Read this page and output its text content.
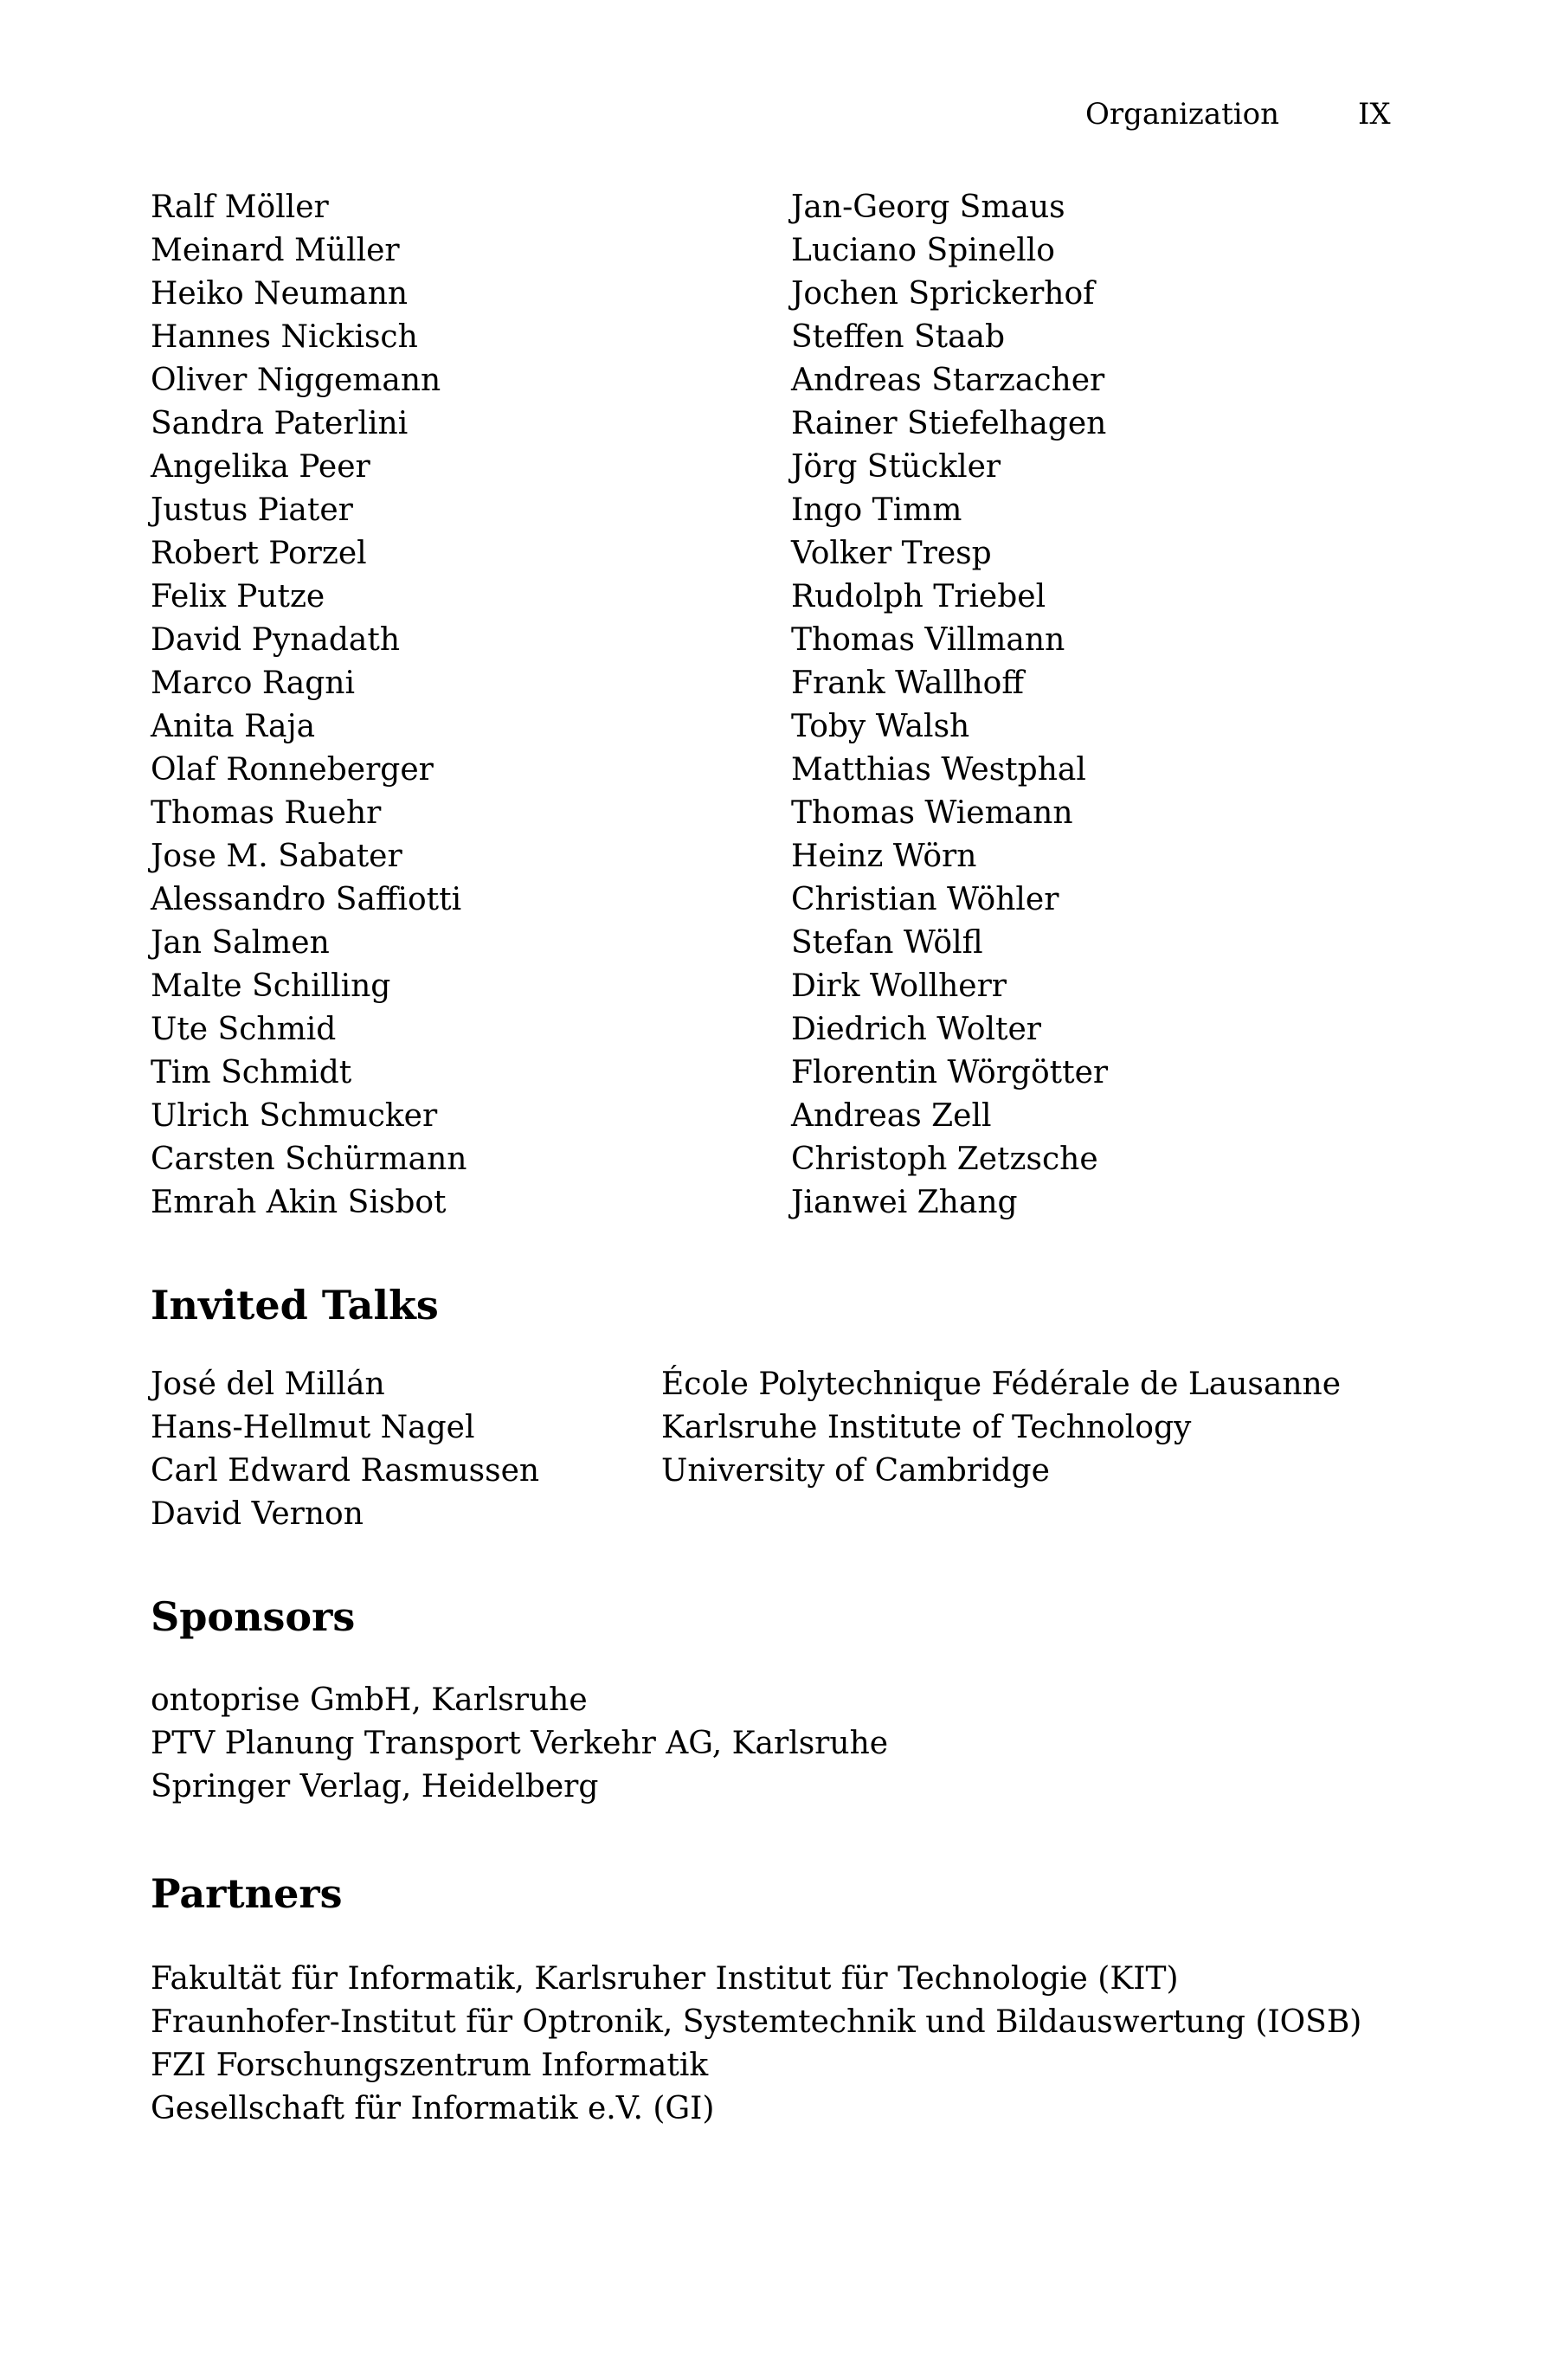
Organization	IX
Ralf Möller
Meinard Müller
Heiko Neumann
Hannes Nickisch
Oliver Niggemann
Sandra Paterlini
Angelika Peer
Justus Piater
Robert Porzel
Felix Putze
David Pynadath
Marco Ragni
Anita Raja
Olaf Ronneberger
Thomas Ruehr
Jose M. Sabater
Alessandro Saffiotti
Jan Salmen
Malte Schilling
Ute Schmid
Tim Schmidt
Ulrich Schmucker
Carsten Schürmann
Emrah Akin Sisbot
Jan-Georg Smaus
Luciano Spinello
Jochen Sprickerhof
Steffen Staab
Andreas Starzacher
Rainer Stiefelhagen
Jörg Stückler
Ingo Timm
Volker Tresp
Rudolph Triebel
Thomas Villmann
Frank Wallhoff
Toby Walsh
Matthias Westphal
Thomas Wiemann
Heinz Wörn
Christian Wöhler
Stefan Wölfl
Dirk Wollherr
Diedrich Wolter
Florentin Wörgötter
Andreas Zell
Christoph Zetzsche
Jianwei Zhang
Invited Talks
José del Millán	École Polytechnique Fédérale de Lausanne
Hans-Hellmut Nagel	Karlsruhe Institute of Technology
Carl Edward Rasmussen	University of Cambridge
David Vernon
Sponsors
ontoprise GmbH, Karlsruhe
PTV Planung Transport Verkehr AG, Karlsruhe
Springer Verlag, Heidelberg
Partners
Fakultät für Informatik, Karlsruher Institut für Technologie (KIT)
Fraunhofer-Institut für Optronik, Systemtechnik und Bildauswertung (IOSB)
FZI Forschungszentrum Informatik
Gesellschaft für Informatik e.V. (GI)
